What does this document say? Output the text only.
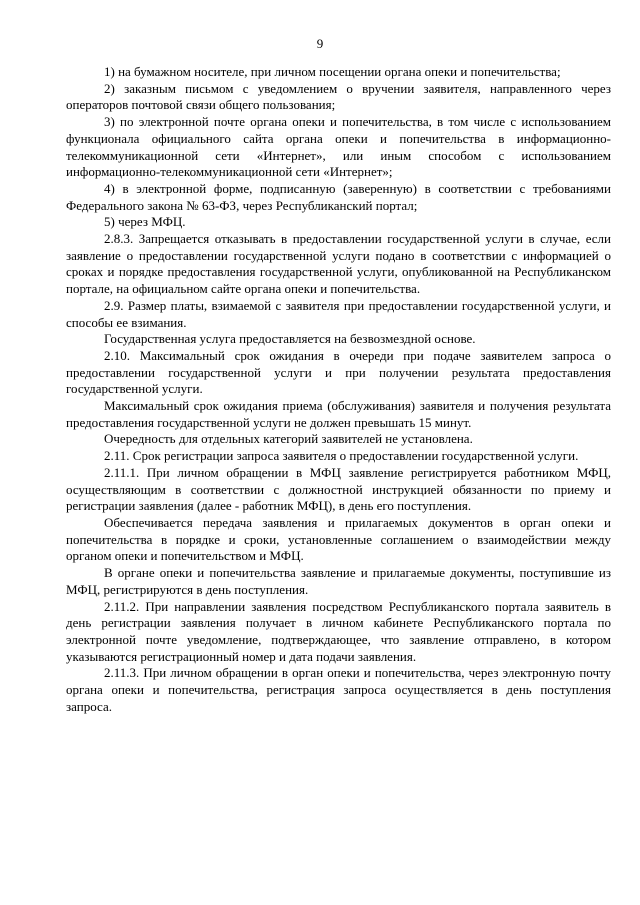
9

1) на бумажном носителе, при личном посещении органа опеки и попечительства;

2) заказным письмом с уведомлением о вручении заявителя, направленного через операторов почтовой связи общего пользования;

3) по электронной почте органа опеки и попечительства, в том числе с использованием функционала официального сайта органа опеки и попечительства в информационно-телекоммуникационной сети «Интернет», или иным способом с использованием информационно-телекоммуникационной сети «Интернет»;

4) в электронной форме, подписанную (заверенную) в соответствии с требованиями Федерального закона № 63-ФЗ, через Республиканский портал;

5) через МФЦ.

2.8.3. Запрещается отказывать в предоставлении государственной услуги в случае, если заявление о предоставлении государственной услуги подано в соответствии с информацией о сроках и порядке предоставления государственной услуги, опубликованной на Республиканском портале, на официальном сайте органа опеки и попечительства.

2.9. Размер платы, взимаемой с заявителя при предоставлении государственной услуги, и способы ее взимания.

Государственная услуга предоставляется на безвозмездной основе.

2.10. Максимальный срок ожидания в очереди при подаче заявителем запроса о предоставлении государственной услуги и при получении результата предоставления государственной услуги.

Максимальный срок ожидания приема (обслуживания) заявителя и получения результата предоставления государственной услуги не должен превышать 15 минут.

Очередность для отдельных категорий заявителей не установлена.

2.11. Срок регистрации запроса заявителя о предоставлении государственной услуги.

2.11.1. При личном обращении в МФЦ заявление регистрируется работником МФЦ, осуществляющим в соответствии с должностной инструкцией обязанности по приему и регистрации заявления (далее - работник МФЦ), в день его поступления.

Обеспечивается передача заявления и прилагаемых документов в орган опеки и попечительства в порядке и сроки, установленные соглашением о взаимодействии между органом опеки и попечительством и МФЦ.

В органе опеки и попечительства заявление и прилагаемые документы, поступившие из МФЦ, регистрируются в день поступления.

2.11.2. При направлении заявления посредством Республиканского портала заявитель в день регистрации заявления получает в личном кабинете Республиканского портала по электронной почте уведомление, подтверждающее, что заявление отправлено, в котором указываются регистрационный номер и дата подачи заявления.

2.11.3. При личном обращении в орган опеки и попечительства, через электронную почту органа опеки и попечительства, регистрация запроса осуществляется в день поступления запроса.
